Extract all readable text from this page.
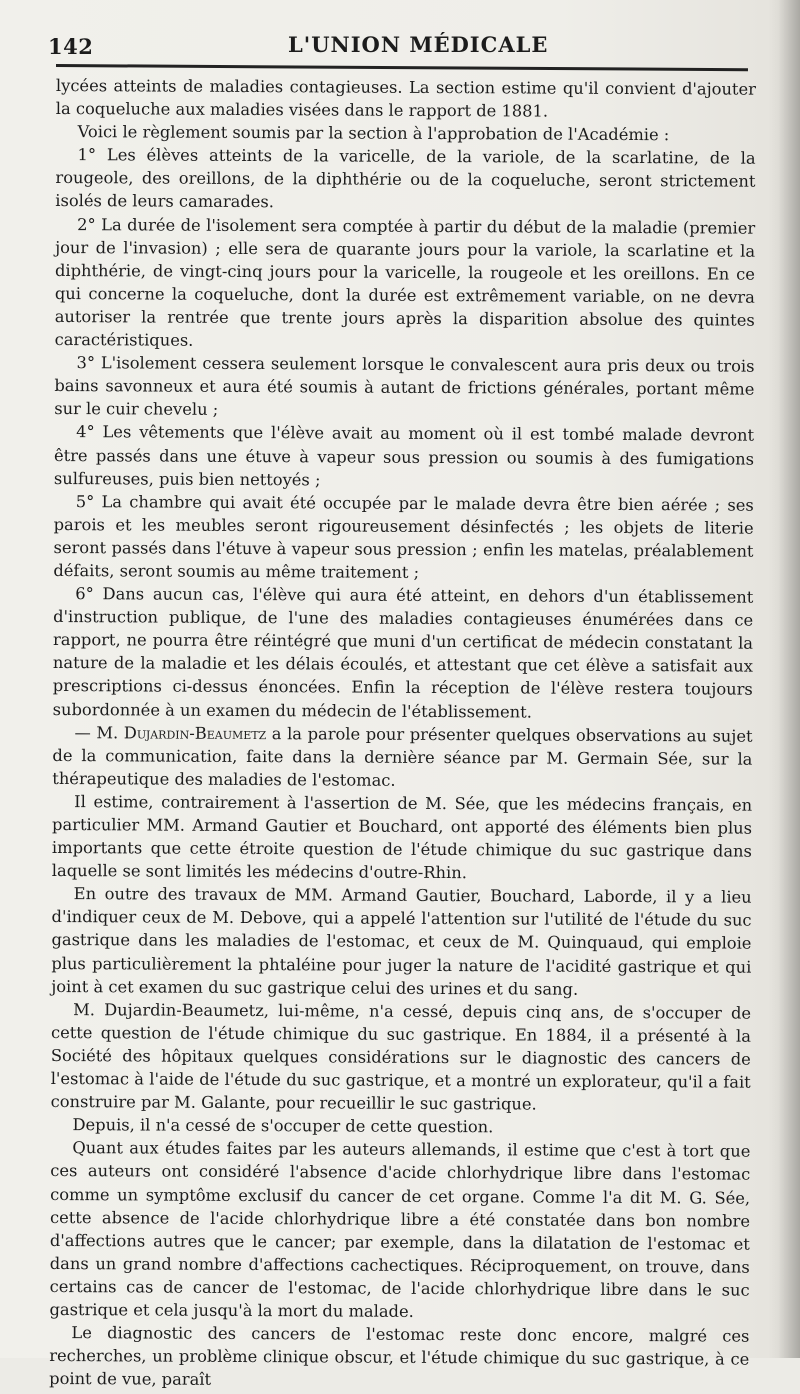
142	L'UNION MÉDICALE

lycées atteints de maladies contagieuses. La section estime qu'il convient d'ajouter la coqueluche aux maladies visées dans le rapport de 1881.

Voici le règlement soumis par la section à l'approbation de l'Académie :

1° Les élèves atteints de la varicelle, de la variole, de la scarlatine, de la rougeole, des oreillons, de la diphthérie ou de la coqueluche, seront strictement isolés de leurs camarades.

2° La durée de l'isolement sera comptée à partir du début de la maladie (premier jour de l'invasion) ; elle sera de quarante jours pour la variole, la scarlatine et la diphthérie, de vingt-cinq jours pour la varicelle, la rougeole et les oreillons. En ce qui concerne la coqueluche, dont la durée est extrêmement variable, on ne devra autoriser la rentrée que trente jours après la disparition absolue des quintes caractéristiques.

3° L'isolement cessera seulement lorsque le convalescent aura pris deux ou trois bains savonneux et aura été soumis à autant de frictions générales, portant même sur le cuir chevelu ;

4° Les vêtements que l'élève avait au moment où il est tombé malade devront être passés dans une étuve à vapeur sous pression ou soumis à des fumigations sulfureuses, puis bien nettoyés ;

5° La chambre qui avait été occupée par le malade devra être bien aérée ; ses parois et les meubles seront rigoureusement désinfectés ; les objets de literie seront passés dans l'étuve à vapeur sous pression ; enfin les matelas, préalablement défaits, seront soumis au même traitement ;

6° Dans aucun cas, l'élève qui aura été atteint, en dehors d'un établissement d'instruction publique, de l'une des maladies contagieuses énumérées dans ce rapport, ne pourra être réintégré que muni d'un certificat de médecin constatant la nature de la maladie et les délais écoulés, et attestant que cet élève a satisfait aux prescriptions ci-dessus énoncées. Enfin la réception de l'élève restera toujours subordonnée à un examen du médecin de l'établissement.

— M. Dujardin-Beaumetz a la parole pour présenter quelques observations au sujet de la communication, faite dans la dernière séance par M. Germain Sée, sur la thérapeutique des maladies de l'estomac.

Il estime, contrairement à l'assertion de M. Sée, que les médecins français, en particulier MM. Armand Gautier et Bouchard, ont apporté des éléments bien plus importants que cette étroite question de l'étude chimique du suc gastrique dans laquelle se sont limités les médecins d'outre-Rhin.

En outre des travaux de MM. Armand Gautier, Bouchard, Laborde, il y a lieu d'indiquer ceux de M. Debove, qui a appelé l'attention sur l'utilité de l'étude du suc gastrique dans les maladies de l'estomac, et ceux de M. Quinquaud, qui emploie plus particulièrement la phtaléine pour juger la nature de l'acidité gastrique et qui joint à cet examen du suc gastrique celui des urines et du sang.

M. Dujardin-Beaumetz, lui-même, n'a cessé, depuis cinq ans, de s'occuper de cette question de l'étude chimique du suc gastrique. En 1884, il a présenté à la Société des hôpitaux quelques considérations sur le diagnostic des cancers de l'estomac à l'aide de l'étude du suc gastrique, et a montré un explorateur, qu'il a fait construire par M. Galante, pour recueillir le suc gastrique.

Depuis, il n'a cessé de s'occuper de cette question.

Quant aux études faites par les auteurs allemands, il estime que c'est à tort que ces auteurs ont considéré l'absence d'acide chlorhydrique libre dans l'estomac comme un symptôme exclusif du cancer de cet organe. Comme l'a dit M. G. Sée, cette absence de l'acide chlorhydrique libre a été constatée dans bon nombre d'affections autres que le cancer; par exemple, dans la dilatation de l'estomac et dans un grand nombre d'affections cachectiques. Réciproquement, on trouve, dans certains cas de cancer de l'estomac, de l'acide chlorhydrique libre dans le suc gastrique et cela jusqu'à la mort du malade.

Le diagnostic des cancers de l'estomac reste donc encore, malgré ces recherches, un problème clinique obscur, et l'étude chimique du suc gastrique, à ce point de vue, paraît
